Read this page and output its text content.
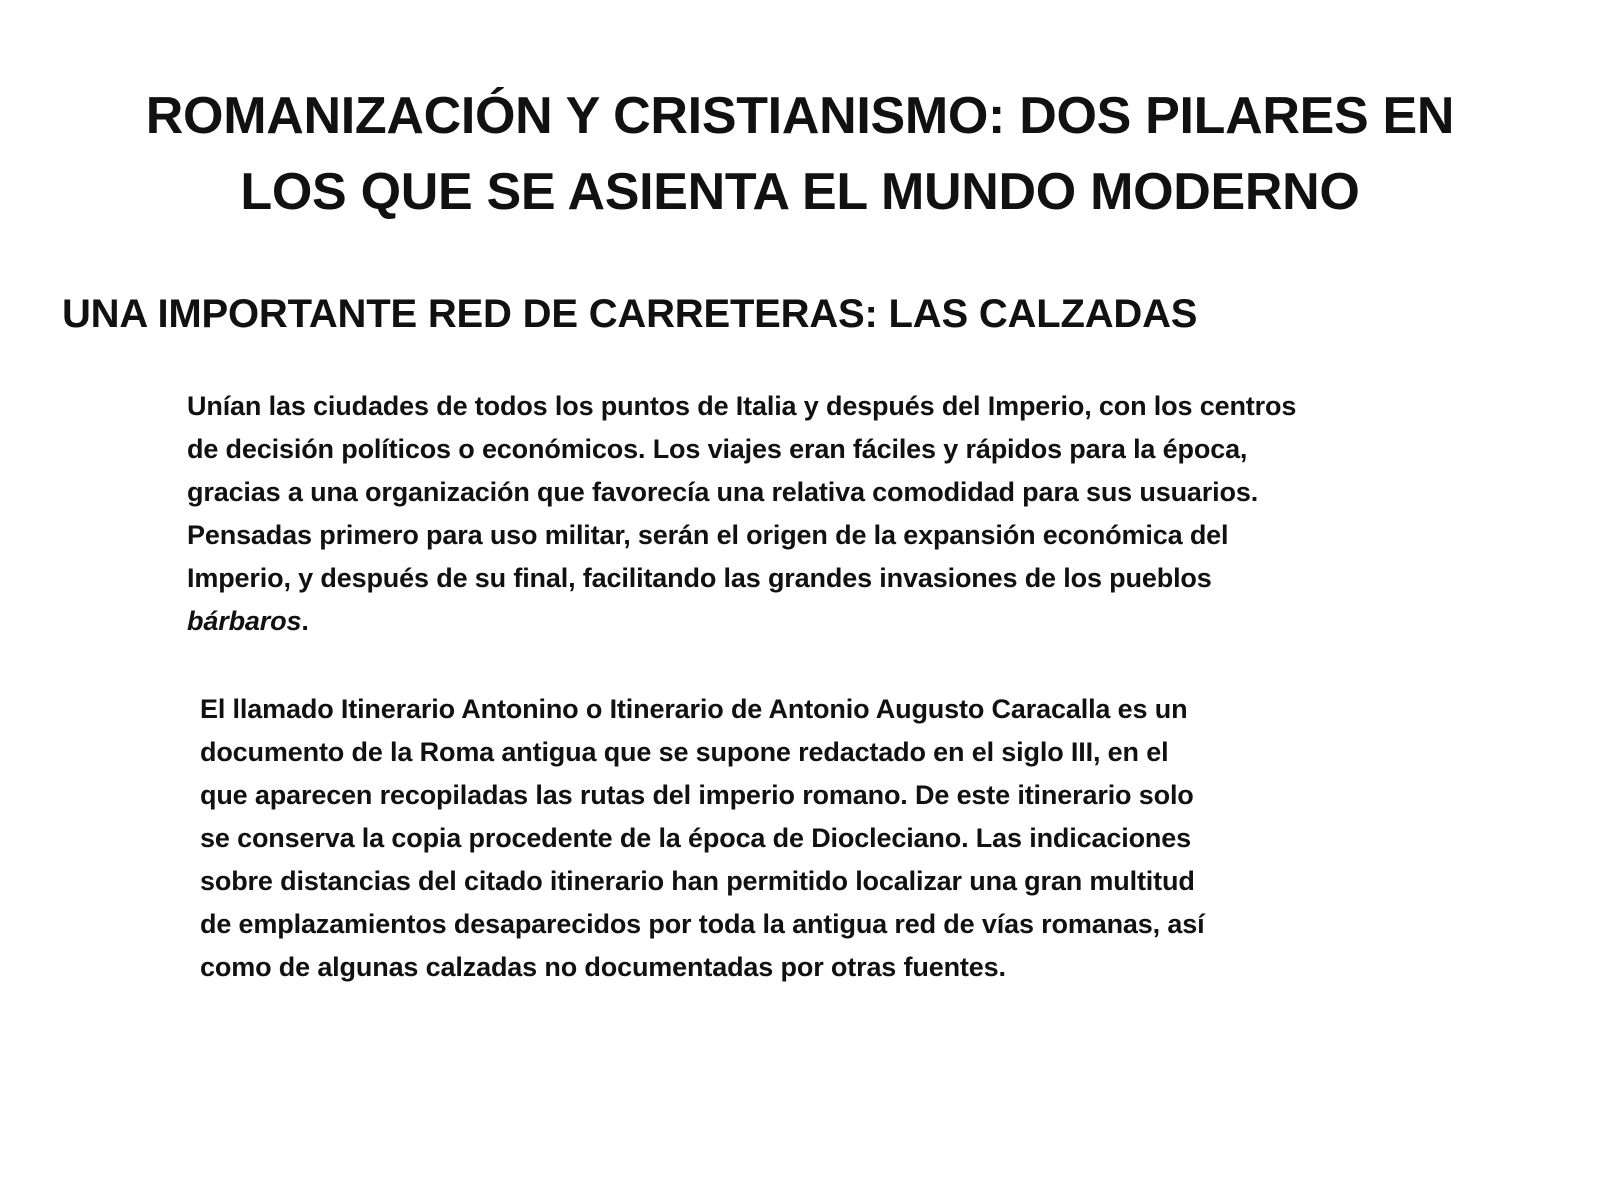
ROMANIZACIÓN Y CRISTIANISMO: DOS PILARES EN
LOS QUE SE ASIENTA EL MUNDO MODERNO
UNA IMPORTANTE RED DE CARRETERAS: LAS CALZADAS

Unían las ciudades de todos los puntos de Italia y después del Imperio, con los centros
de decisión políticos o económicos. Los viajes eran fáciles y rápidos para la época,
gracias a una organización que favorecía una relativa comodidad para sus usuarios.
Pensadas primero para uso militar, serán el origen de la expansión económica del
Imperio, y después de su final, facilitando las grandes invasiones de los pueblos
bárbaros.

El llamado Itinerario Antonino o Itinerario de Antonio Augusto Caracalla es un
documento de la Roma antigua que se supone redactado en el siglo III, en el
que aparecen recopiladas las rutas del imperio romano. De este itinerario solo
se conserva la copia procedente de la época de Diocleciano. Las indicaciones
sobre distancias del citado itinerario han permitido localizar una gran multitud
de emplazamientos desaparecidos por toda la antigua red de vías romanas, así
como de algunas calzadas no documentadas por otras fuentes.
